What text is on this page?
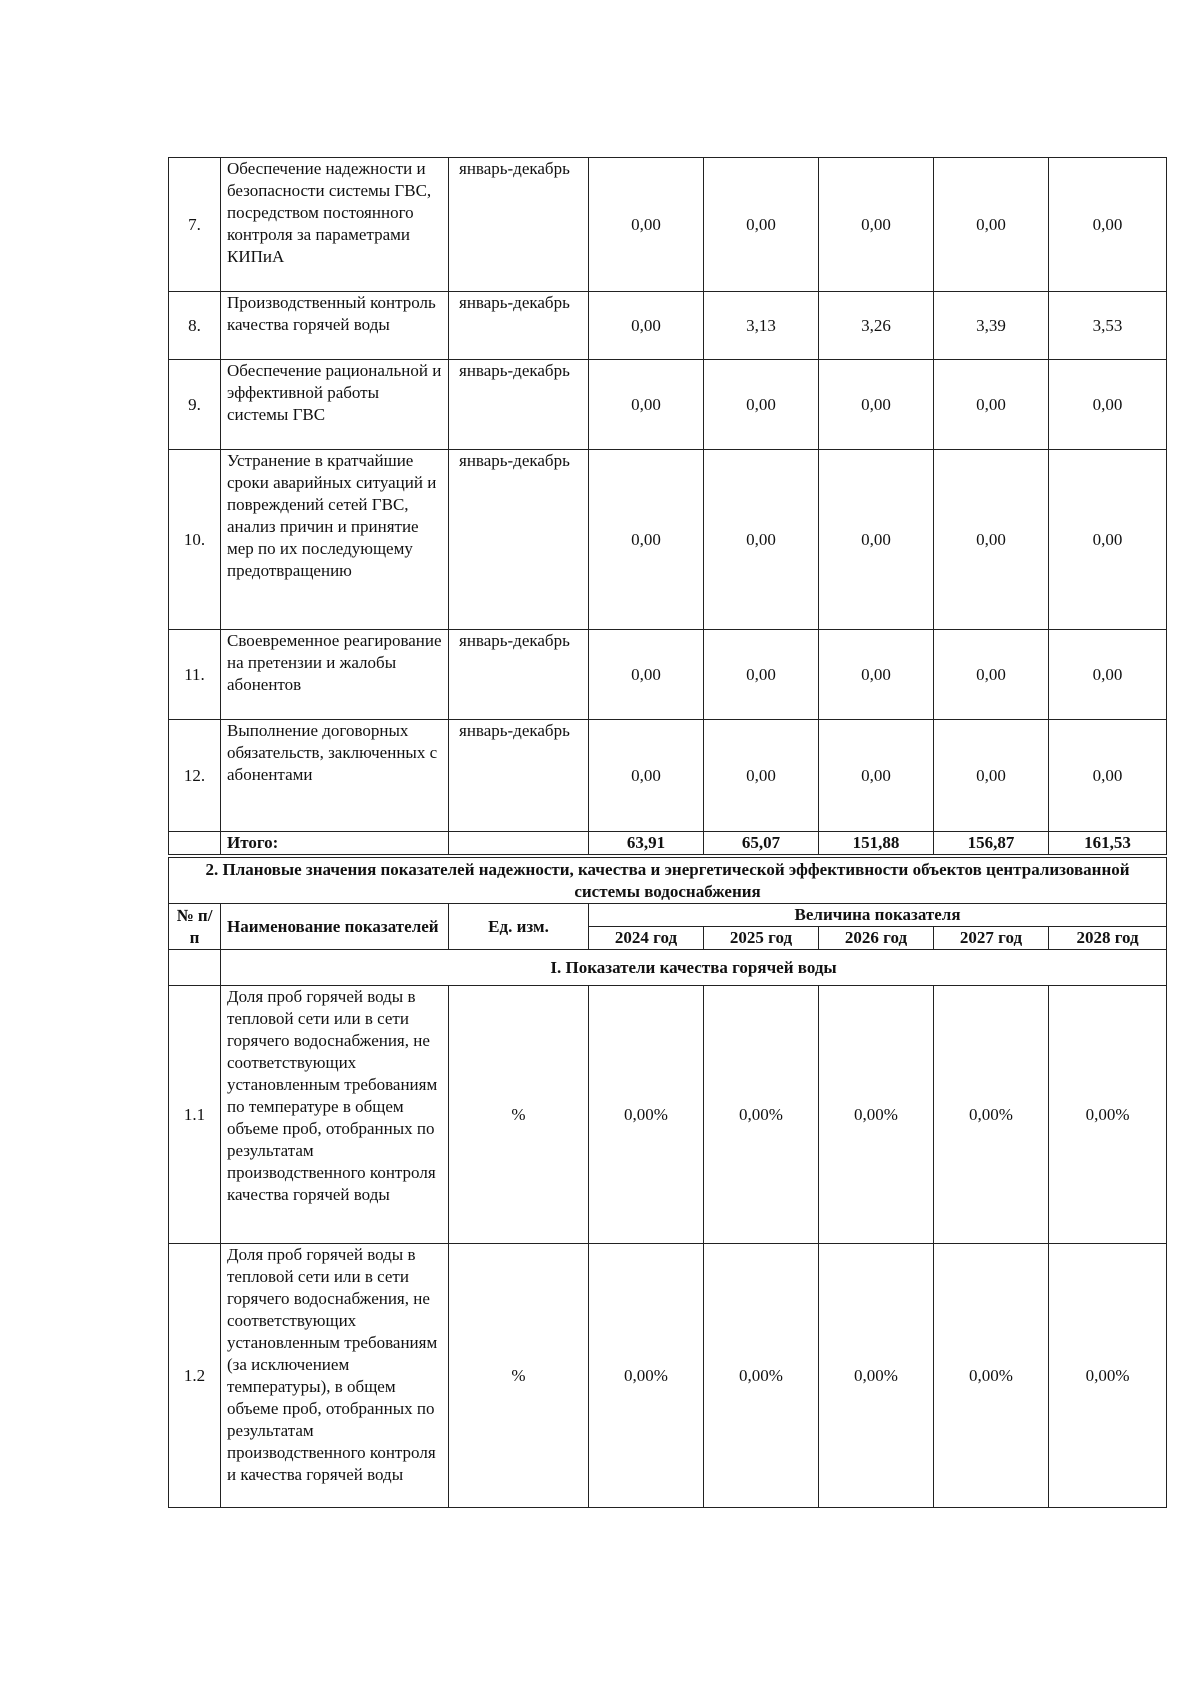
7.	Обеспечение надежности и безопасности системы ГВС, посредством постоянного контроля за параметрами КИПиА	январь-декабрь	0,00	0,00	0,00	0,00	0,00
8.	Производственный контроль качества горячей воды	январь-декабрь	0,00	3,13	3,26	3,39	3,53
9.	Обеспечение рациональной и эффективной работы системы ГВС	январь-декабрь	0,00	0,00	0,00	0,00	0,00
10.	Устранение в кратчайшие сроки аварийных ситуаций и повреждений сетей ГВС, анализ причин и принятие мер по их последующему предотвращению	январь-декабрь	0,00	0,00	0,00	0,00	0,00
11.	Своевременное реагирование на претензии и жалобы абонентов	январь-декабрь	0,00	0,00	0,00	0,00	0,00
12.	Выполнение договорных обязательств, заключенных с абонентами	январь-декабрь	0,00	0,00	0,00	0,00	0,00
	Итого:		63,91	65,07	151,88	156,87	161,53
2. Плановые значения показателей надежности, качества и энергетической эффективности объектов централизованной системы водоснабжения							
№ п/п	Наименование показателей	Ед. изм.	Величина показателя				
			2024 год	2025 год	2026 год	2027 год	2028 год
	I. Показатели качества горячей воды						
1.1	Доля проб горячей воды в тепловой сети или в сети горячего водоснабжения, не соответствующих установленным требованиям по температуре в общем объеме проб, отобранных по результатам производственного контроля качества горячей воды	%	0,00%	0,00%	0,00%	0,00%	0,00%
1.2	Доля проб горячей воды в тепловой сети или в сети горячего водоснабжения, не соответствующих установленным требованиям (за исключением температуры), в общем объеме проб, отобранных по результатам производственного контроля и качества горячей воды	%	0,00%	0,00%	0,00%	0,00%	0,00%
